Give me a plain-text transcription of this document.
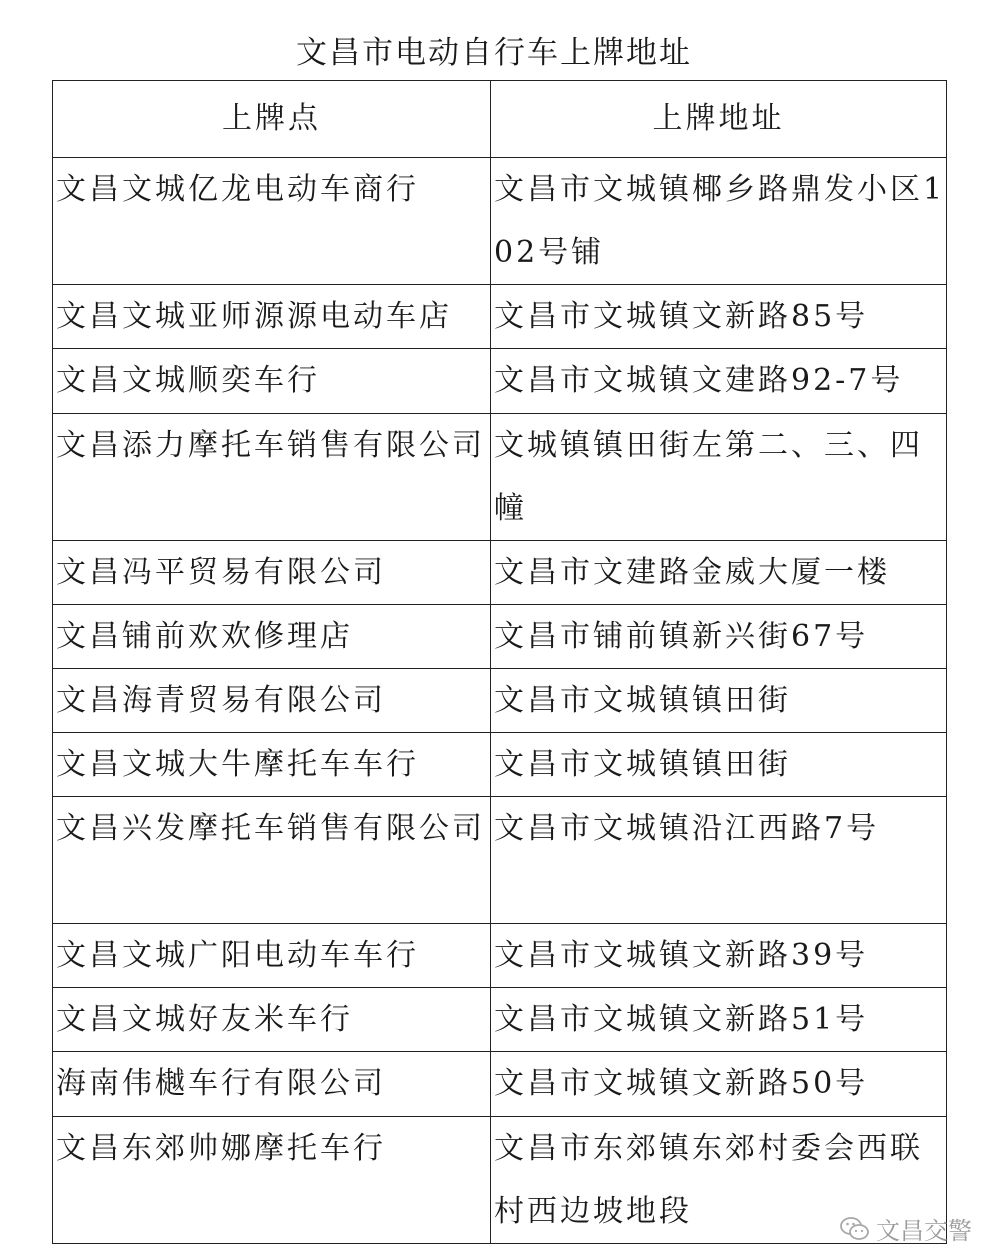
文昌市电动自行车上牌地址
上牌点	上牌地址
文昌文城亿龙电动车商行	文昌市文城镇椰乡路鼎发小区102号铺
文昌文城亚师源源电动车店	文昌市文城镇文新路85号
文昌文城顺奕车行	文昌市文城镇文建路92-7号
文昌添力摩托车销售有限公司	文城镇镇田街左第二、三、四幢
文昌冯平贸易有限公司	文昌市文建路金威大厦一楼
文昌铺前欢欢修理店	文昌市铺前镇新兴街67号
文昌海青贸易有限公司	文昌市文城镇镇田街
文昌文城大牛摩托车车行	文昌市文城镇镇田街
文昌兴发摩托车销售有限公司	文昌市文城镇沿江西路7号
文昌文城广阳电动车车行	文昌市文城镇文新路39号
文昌文城好友米车行	文昌市文城镇文新路51号
海南伟樾车行有限公司	文昌市文城镇文新路50号
文昌东郊帅娜摩托车行	文昌市东郊镇东郊村委会西联村西边坡地段
文昌交警
